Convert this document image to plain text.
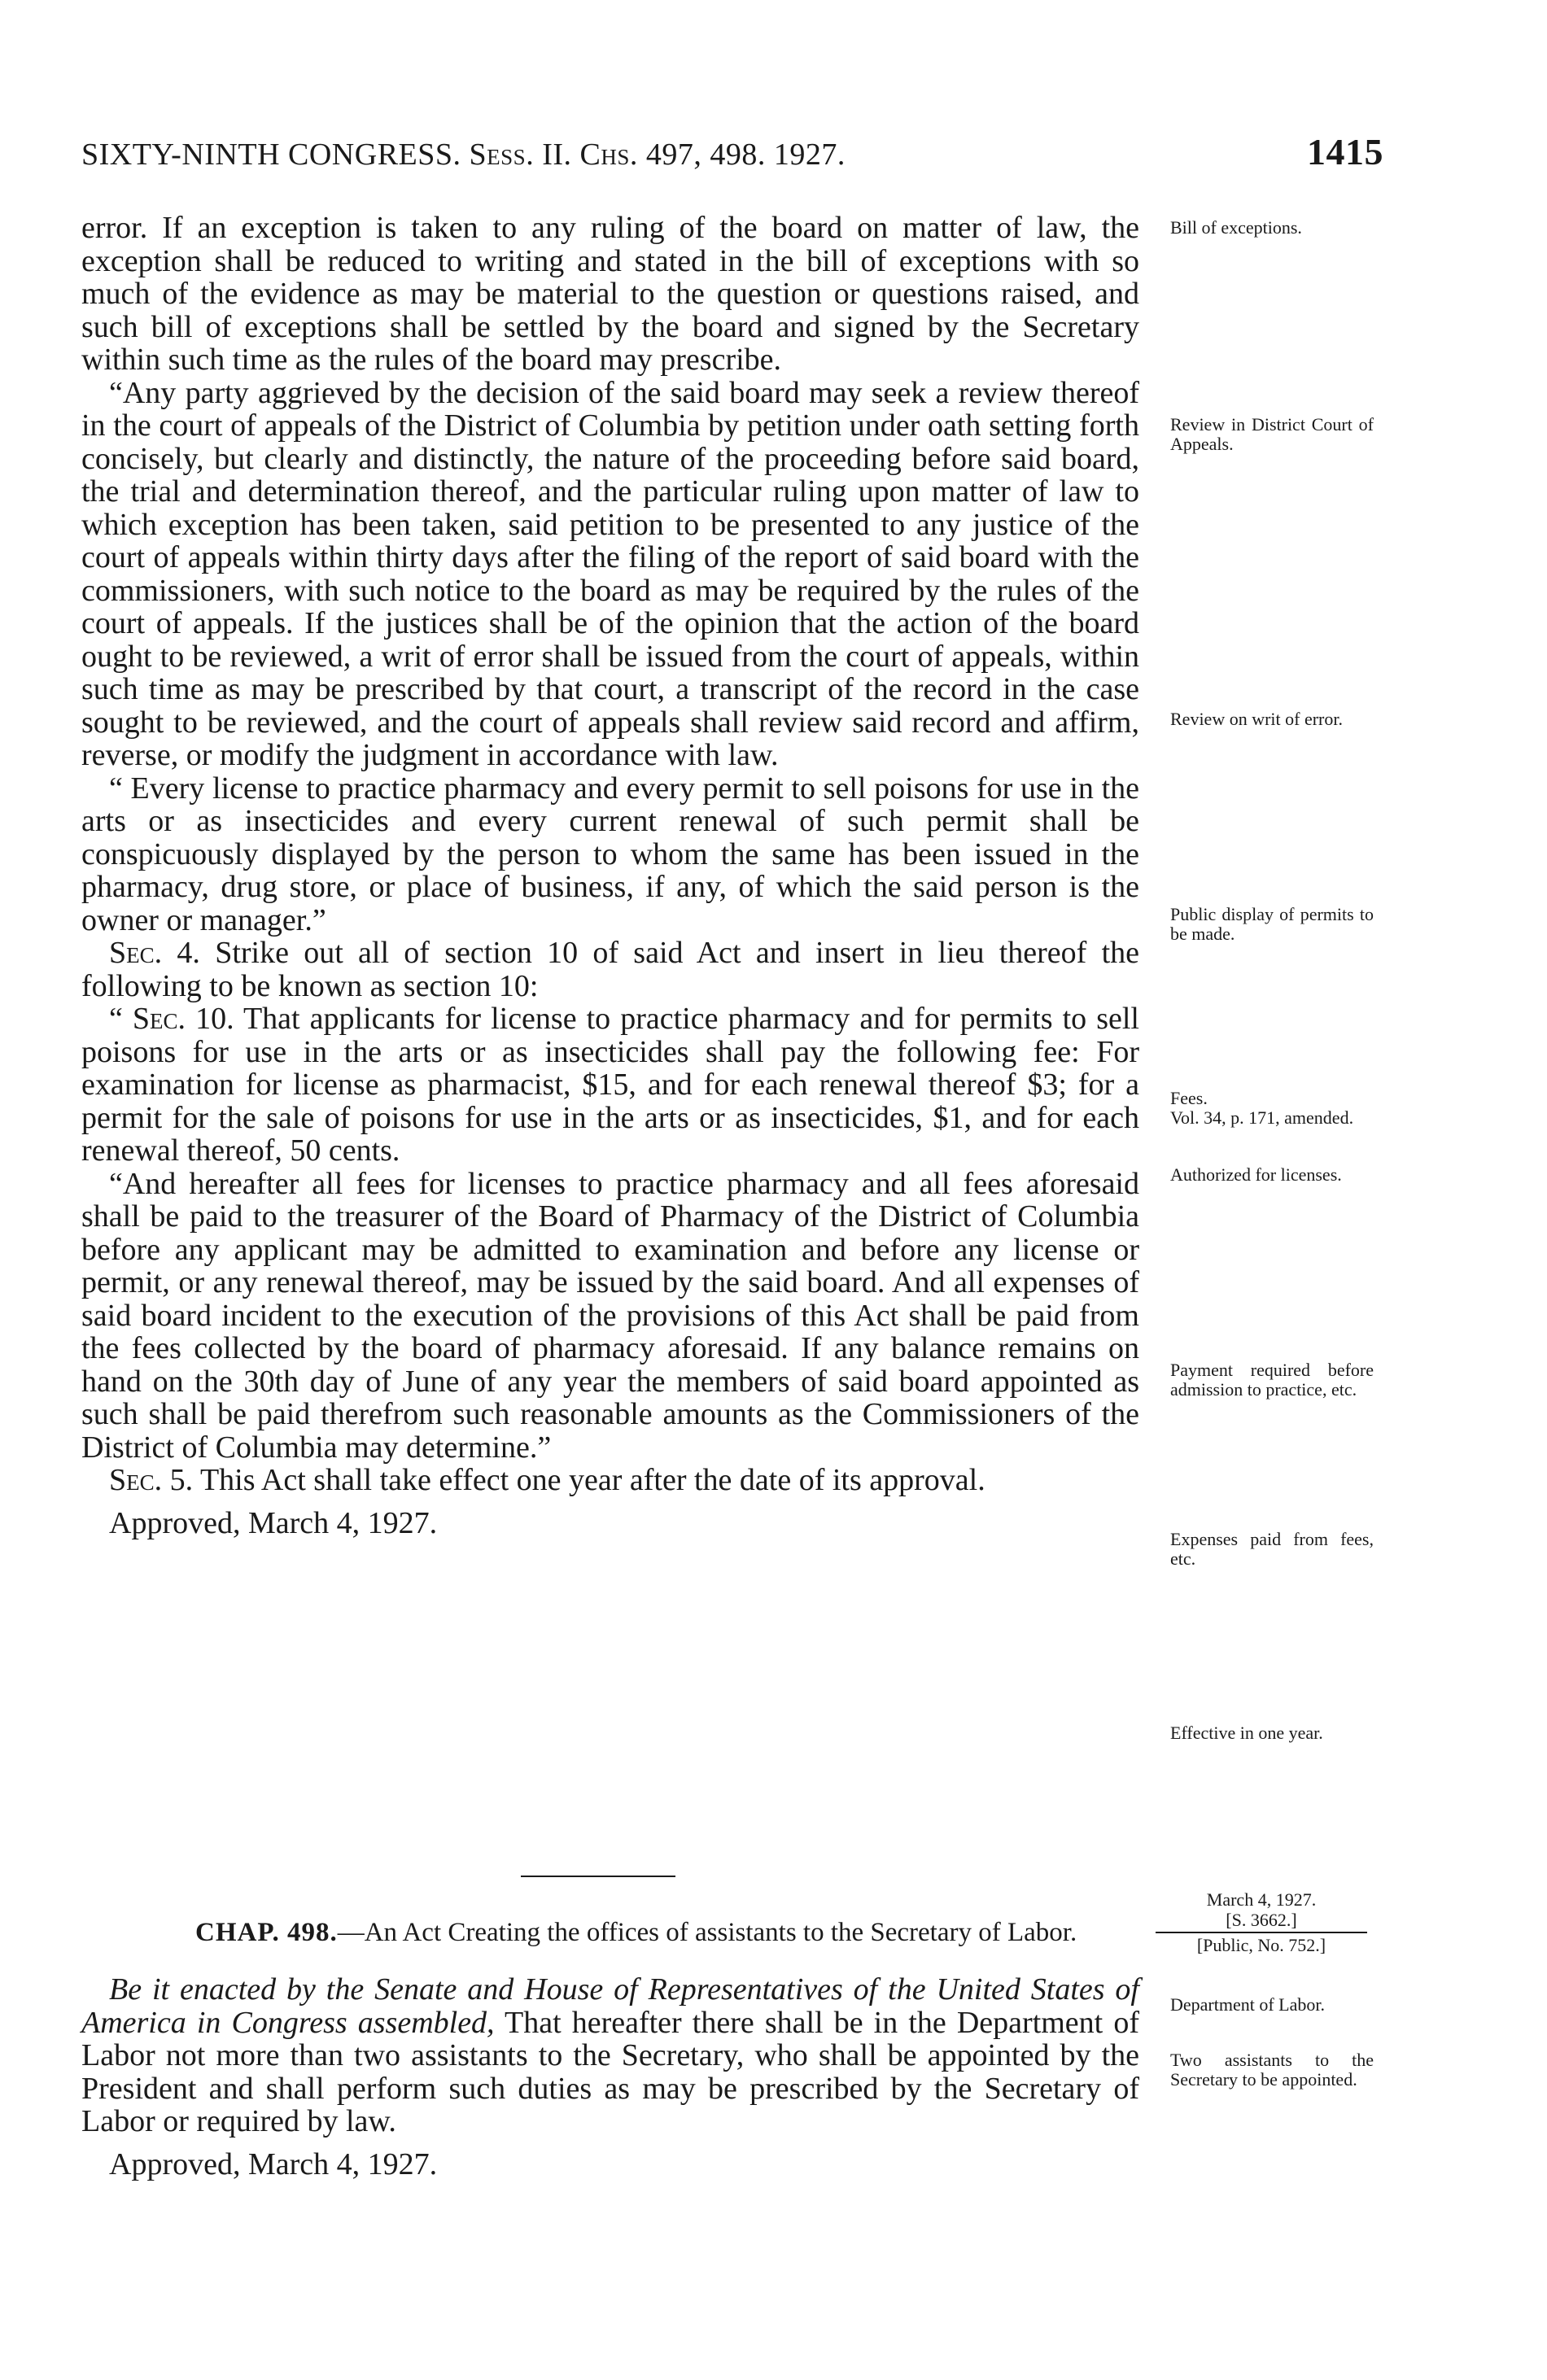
SIXTY-NINTH CONGRESS. Sess. II. Chs. 497, 498. 1927.	1415

error. If an exception is taken to any ruling of the board on matter of law, the exception shall be reduced to writing and stated in the bill of exceptions with so much of the evidence as may be material to the question or questions raised, and such bill of exceptions shall be settled by the board and signed by the Secretary within such time as the rules of the board may prescribe.

“Any party aggrieved by the decision of the said board may seek a review thereof in the court of appeals of the District of Columbia by petition under oath setting forth concisely, but clearly and distinctly, the nature of the proceeding before said board, the trial and determination thereof, and the particular ruling upon matter of law to which exception has been taken, said petition to be presented to any justice of the court of appeals within thirty days after the filing of the report of said board with the commissioners, with such notice to the board as may be required by the rules of the court of appeals. If the justices shall be of the opinion that the action of the board ought to be reviewed, a writ of error shall be issued from the court of appeals, within such time as may be prescribed by that court, a transcript of the record in the case sought to be reviewed, and the court of appeals shall review said record and affirm, reverse, or modify the judgment in accordance with law.

“ Every license to practice pharmacy and every permit to sell poisons for use in the arts or as insecticides and every current renewal of such permit shall be conspicuously displayed by the person to whom the same has been issued in the pharmacy, drug store, or place of business, if any, of which the said person is the owner or manager.”

Sec. 4. Strike out all of section 10 of said Act and insert in lieu thereof the following to be known as section 10:

“ Sec. 10. That applicants for license to practice pharmacy and for permits to sell poisons for use in the arts or as insecticides shall pay the following fee: For examination for license as pharmacist, $15, and for each renewal thereof $3; for a permit for the sale of poisons for use in the arts or as insecticides, $1, and for each renewal thereof, 50 cents.

“And hereafter all fees for licenses to practice pharmacy and all fees aforesaid shall be paid to the treasurer of the Board of Pharmacy of the District of Columbia before any applicant may be admitted to examination and before any license or permit, or any renewal thereof, may be issued by the said board. And all expenses of said board incident to the execution of the provisions of this Act shall be paid from the fees collected by the board of pharmacy aforesaid. If any balance remains on hand on the 30th day of June of any year the members of said board appointed as such shall be paid therefrom such reasonable amounts as the Commissioners of the District of Columbia may determine.”

Sec. 5. This Act shall take effect one year after the date of its approval.

Approved, March 4, 1927.

Bill of exceptions.
Review in District Court of Appeals.
Review on writ of error.
Public display of permits to be made.
Fees.
Vol. 34, p. 171, amended.
Authorized for licenses.
Payment required before admission to practice, etc.
Expenses paid from fees, etc.
Effective in one year.
Department of Labor.
Two assistants to the Secretary to be appointed.
March 4, 1927.
[S. 3662.]
[Public, No. 752.]
CHAP. 498.—An Act Creating the offices of assistants to the Secretary of Labor.

Be it enacted by the Senate and House of Representatives of the United States of America in Congress assembled, That hereafter there shall be in the Department of Labor not more than two assistants to the Secretary, who shall be appointed by the President and shall perform such duties as may be prescribed by the Secretary of Labor or required by law.

Approved, March 4, 1927.
